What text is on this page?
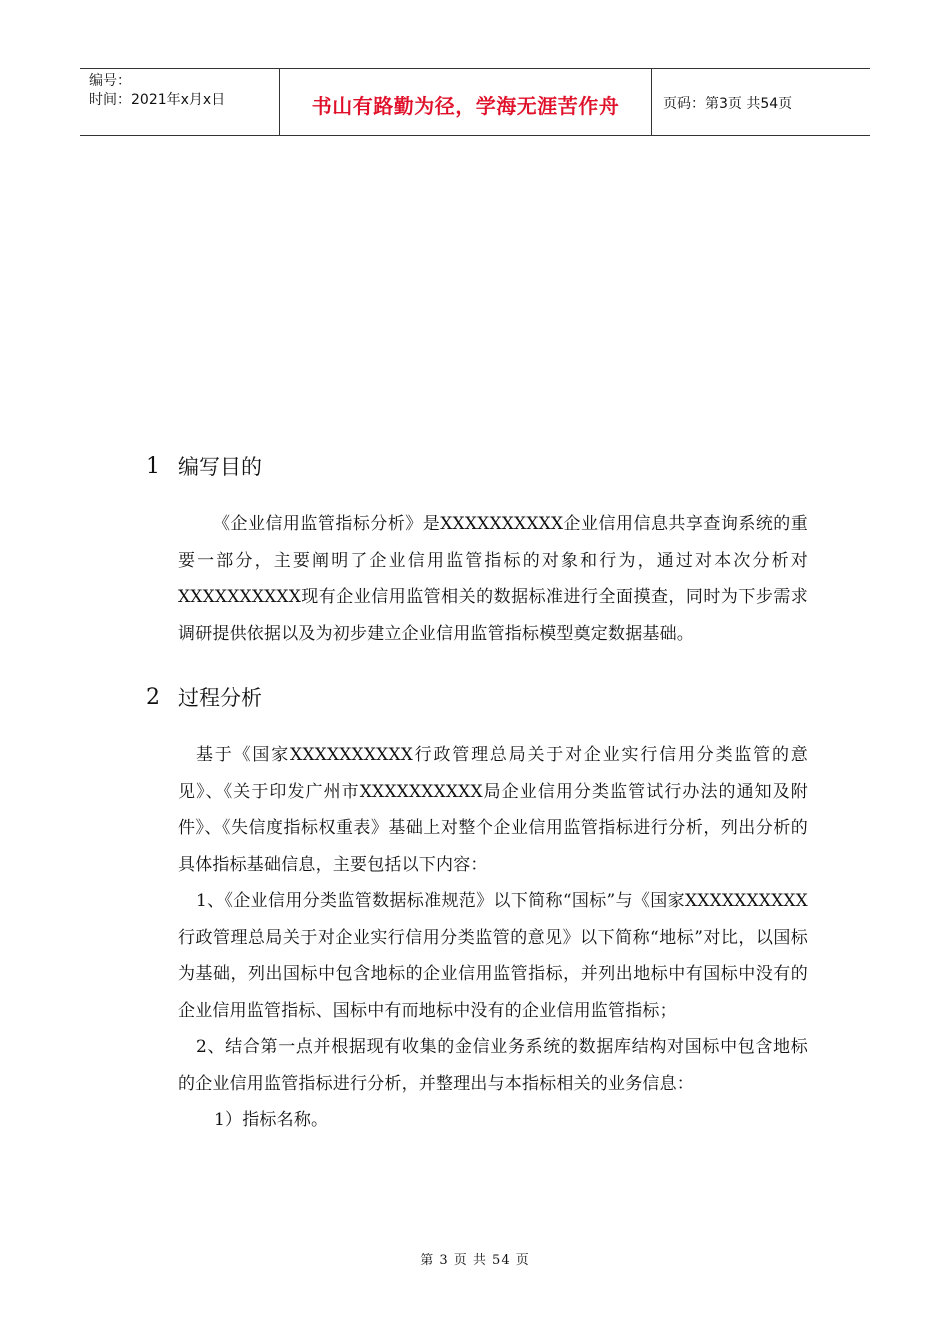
编号：
时间：2021年x月x日	书山有路勤为径，学海无涯苦作舟	页码：第3页 共54页
1 编写目的

《企业信用监管指标分析》是XXXXXXXXXX企业信用信息共享查询系统的重要一部分，主要阐明了企业信用监管指标的对象和行为，通过对本次分析对XXXXXXXXXX现有企业信用监管相关的数据标准进行全面摸查，同时为下步需求调研提供依据以及为初步建立企业信用监管指标模型奠定数据基础。

2 过程分析

基于《国家XXXXXXXXXX行政管理总局关于对企业实行信用分类监管的意见》、《关于印发广州市XXXXXXXXXX局企业信用分类监管试行办法的通知及附件》、《失信度指标权重表》基础上对整个企业信用监管指标进行分析，列出分析的具体指标基础信息，主要包括以下内容：

1、《企业信用分类监管数据标准规范》以下简称“国标”与《国家XXXXXXXXXX行政管理总局关于对企业实行信用分类监管的意见》以下简称“地标”对比，以国标为基础，列出国标中包含地标的企业信用监管指标，并列出地标中有国标中没有的企业信用监管指标、国标中有而地标中没有的企业信用监管指标；

2、结合第一点并根据现有收集的金信业务系统的数据库结构对国标中包含地标的企业信用监管指标进行分析，并整理出与本指标相关的业务信息：

1）指标名称。

第 3 页 共 54 页
